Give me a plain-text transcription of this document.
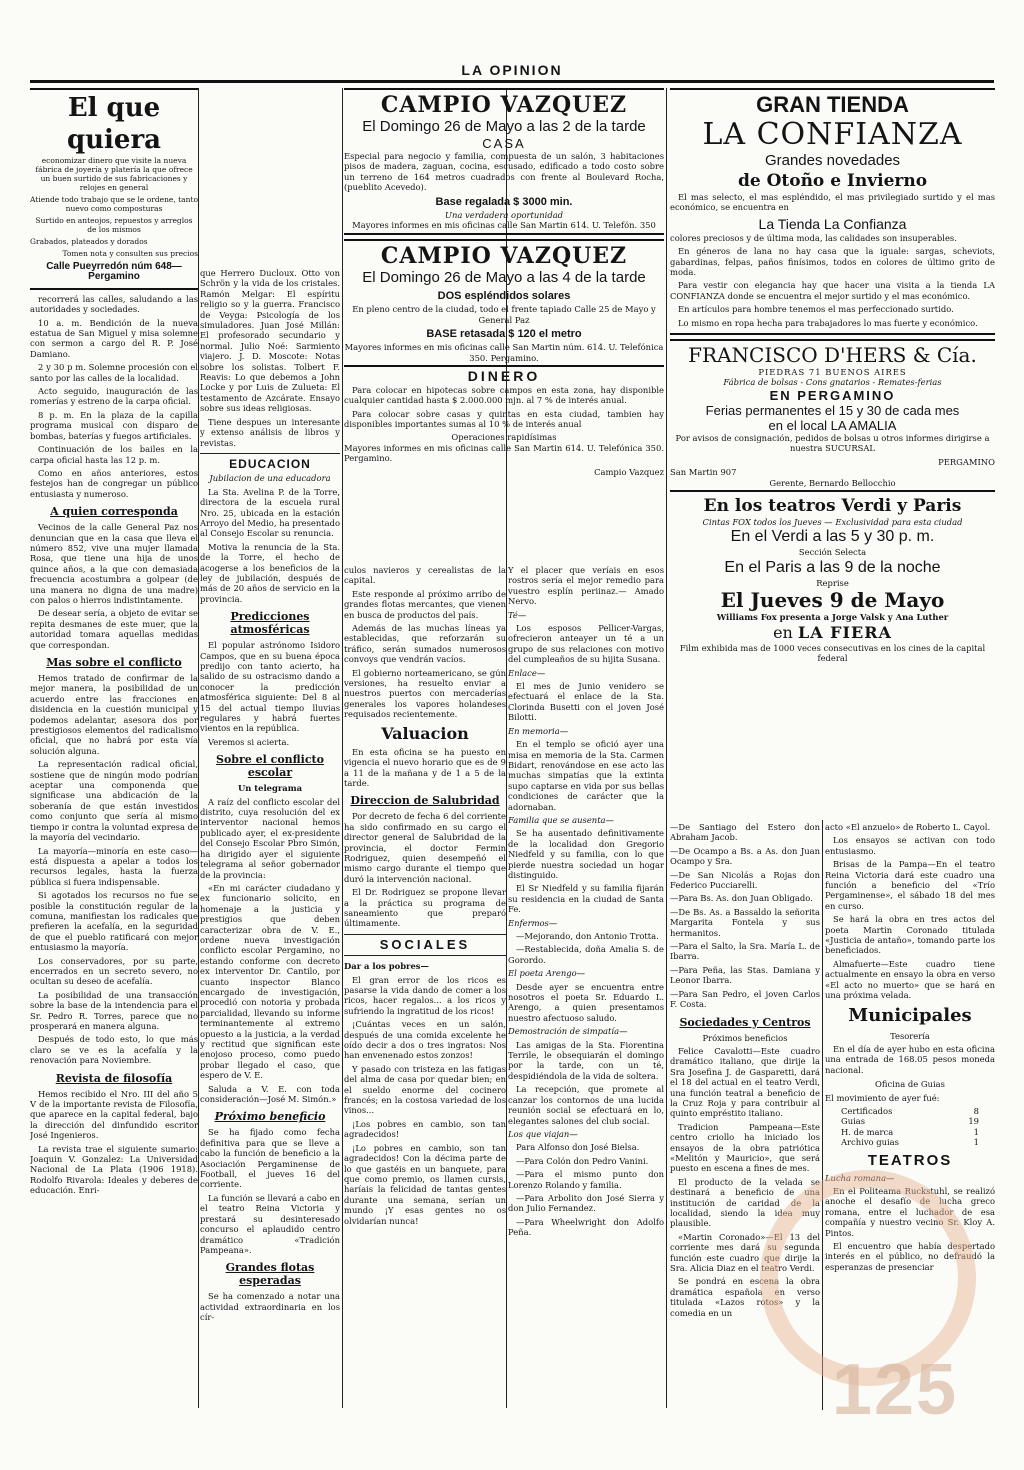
LA OPINION
El que quiera
economizar dinero que visite la nueva fábrica de joyería y platería la que ofrece un buen surtido de sus fabricaciones y relojes en general
Atiende todo trabajo que se le ordene, tanto nuevo como composturas
Surtido en anteojos, repuestos y arreglos de los mismos
Grabados, plateados y dorados
Tomen nota y consulten sus precios
Calle Pueyrredón núm 648—Pergamino

recorrerá las calles, saludando a las autoridades y sociedades.

10 a. m. Bendición de la nueva estatua de San Miguel y misa solemne con sermon a cargo del R. P. José Damiano.

2 y 30 p m. Solemne procesión con el santo por las calles de la localidad.

Acto seguido, inauguración de las romerías y estreno de la carpa oficial.

8 p. m. En la plaza de la capilla programa musical con disparo de bombas, baterías y fuegos artificiales.

Continuación de los bailes en la carpa oficial hasta las 12 p. m.

Como en años anteriores, estos festejos han de congregar un público entusiasta y numeroso.

A quien corresponda

Vecinos de la calle General Paz nos denuncian que en la casa que lleva el número 852, vive una mujer llamada Rosa, que tiene una hija de unos quince años, a la que con demasiada frecuencia acostumbra a golpear (de una manera no digna de una madre) con palos o hierros indistintamente.

De desear sería, a objeto de evitar se repita desmanes de este muer, que la autoridad tomara aquellas medidas que correspondan.

Mas sobre el conflicto

Hemos tratado de confirmar de la mejor manera, la posibilidad de un acuerdo entre las fracciones en disidencia en la cuestión municipal y podemos adelantar, asesora dos por prestigiosos elementos del radicalismo oficial, que no habrá por esta vía solución alguna.

La representación radical oficial, sostiene que de ningún modo podrían aceptar una componenda que significase una abdicación de la soberanía de que están investidos como conjunto que sería al mismo tiempo ir contra la voluntad expresa de la mayoría del vecindario.

La mayoría—minoría en este caso—está dispuesta a apelar a todos los recursos legales, hasta la fuerza pública si fuera indispensable.

Si agotados los recursos no fue se posible la constitución regular de la comuna, manifiestan los radicales que prefieren la acefalía, en la seguridad de que el pueblo ratificará con mejor entusiasmo la mayoría.

Los conservadores, por su parte, encerrados en un secreto severo, no ocultan su deseo de acefalía.

La posibilidad de una transacción sobre la base de la intendencia para el Sr. Pedro R. Torres, parece que no prosperará en manera alguna.

Después de todo esto, lo que más claro se ve es la acefalía y la renovación para Noviembre.

Revista de filosofía

Hemos recibido el Nro. III del año 5 V de la importante revista de Filosofía, que aparece en la capital federal, bajo la dirección del dinfundido escritor José Ingenieros.

La revista trae el siguiente sumario: Joaquin V. Gonzalez: La Universidad Nacional de La Plata (1906 1918). Rodolfo Rivarola: Ideales y deberes de educación. Enri-

que Herrero Ducloux. Otto von Schrön y la vida de los cristales. Ramón Melgar: El espíritu religio so y la guerra. Francisco de Veyga: Psicología de los simuladores. Juan José Millán: El profesorado secundario y normal. Julio Noé: Sarmiento viajero. J. D. Moscote: Notas sobre los solistas. Tolbert F. Reavis: Lo que debemos a John Locke y por Luis de Zulueta: El testamento de Azcárate. Ensayo sobre sus ideas religiosas.

Tiene despues un interesante y extenso análisis de libros y revistas.

EDUCACION
Jubilacion de una educadora

La Sta. Avelina P. de la Torre, directora de la escuela rural Nro. 25, ubicada en la estación Arroyo del Medio, ha presentado al Consejo Escolar su renuncia.

Motiva la renuncia de la Sta. de la Torre, el hecho de acogerse a los beneficios de la ley de jubilación, después de más de 20 años de servicio en la provincia.

Predicciones atmosféricas

El popular astrónomo Isidoro Campos, que en su buena época predijo con tanto acierto, ha salido de su ostracismo dando a conocer la predicción atmosférica siguiente: Del 8 al 15 del actual tiempo lluvias regulares y habrá fuertes vientos en la república.

Veremos si acierta.

Sobre el conflicto escolar
Un telegrama

A raíz del conflicto escolar del distrito, cuya resolución del ex interventor nacional hemos publicado ayer, el ex-presidente del Consejo Escolar Pbro Simón, ha dirigido ayer el siguiente telegrama al señor gobernador de la provincia:

«En mi carácter ciudadano y ex funcionario solicito, en homenaje a la justicia y prestigios que deben caracterizar obra de V. E., ordene nueva investigación conflicto escolar Pergamino, no estando conforme con decreto ex interventor Dr. Cantilo, por cuanto inspector Blanco encargado de investigación, procedió con notoria y probada parcialidad, llevando su informe terminantemente al extremo opuesto a la justicia, a la verdad y rectitud que significan este enojoso proceso, como puedo probar llegado el caso, que espero de V. E.

Saluda a V. E. con toda consideración—José M. Simón.»

Próximo beneficio

Se ha fijado como fecha definitiva para que se lleve a cabo la función de beneficio a la Asociación Pergaminense de Football, el jueves 16 del corriente.

La función se llevará a cabo en el teatro Reina Victoria y prestará su desinteresado concurso el aplaudido centro dramático «Tradición Pampeana».

Grandes flotas esperadas

Se ha comenzado a notar una actividad extraordinaria en los cír-

CAMPIO VAZQUEZ
El Domingo 26 de Mayo a las 2 de la tarde
CASA

Especial para negocio y familia, compuesta de un salón, 3 habitaciones pisos de madera, zaguan, cocina, escusado, edificado a todo costo sobre un terreno de 164 metros cuadrados con frente al Boulevard Rocha, (pueblito Acevedo).

Base regalada $ 3000 min.
Una verdadera oportunidad
Mayores informes en mis oficinas calle San Martin 614. U. Telefón. 350
CAMPIO VAZQUEZ
El Domingo 26 de Mayo a las 4 de la tarde
DOS espléndidos solares

En pleno centro de la ciudad, todo el frente tapiado Calle 25 de Mayo y General Paz

BASE retasada $ 120 el metro
Mayores informes en mis oficinas calle San Martin núm. 614. U. Telefónica 350. Pergamino.
DINERO

Para colocar en hipotecas sobre campos en esta zona, hay disponible cualquier cantidad hasta $ 2.000.000 mjn. al 7 % de interés anual.

Para colocar sobre casas y quintas en esta ciudad, tambien hay disponibles importantes sumas al 10 % de interés anual

Operaciones rapidísimas

Mayores informes en mis oficinas calle San Martin 614. U. Telefónica 350. Pergamino.

Campio Vazquez

culos navieros y cerealistas de la capital.

Este responde al próximo arribo de grandes flotas mercantes, que vienen en busca de productos del país.

Además de las muchas líneas ya establecidas, que reforzarán su tráfico, serán sumados numerosos convoys que vendrán vacíos.

El gobierno norteamericano, se gún versiones, ha resuelto enviar a nuestros puertos con mercaderías generales los vapores holandeses requisados recientemente.

Valuacion

En esta oficina se ha puesto en vigencia el nuevo horario que es de 9 a 11 de la mañana y de 1 a 5 de la tarde.

Direccion de Salubridad

Por decreto de fecha 6 del corriente ha sido confirmado en su cargo el director general de Salubridad de la provincia, el doctor Fermin Rodriguez, quien desempeñó el mismo cargo durante el tiempo que duró la intervención nacional.

El Dr. Rodriguez se propone llevar a la práctica su programa de saneamiento que preparó últimamente.

SOCIALES
Dar a los pobres—

El gran error de los ricos es pasarse la vida dando de comer a los ricos, hacer regalos... a los ricos y sufriendo la ingratitud de los ricos!

¡Cuántas veces en un salón, después de una comida excelente he oído decir a dos o tres ingratos: Nos han envenenado estos zonzos!

Y pasado con tristeza en las fatigas del alma de casa por quedar bien; en el sueldo enorme del cocinero francés; en la costosa variedad de los vinos...

¡Los pobres en cambio, son tan agradecidos!

¡Lo pobres en cambio, son tan agradecidos! Con la décima parte de lo que gastéis en un banquete, para que como premio, os llamen cursis, haríais la felicidad de tantas gentes durante una semana, serían un mundo ¡Y esas gentes no os olvidarían nunca!

Y el placer que veríais en esos rostros sería el mejor remedio para vuestro esplín periinaz.— Amado Nervo.

Té—

Los esposos Pellicer-Vargas, ofrecieron anteayer un té a un grupo de sus relaciones con motivo del cumpleaños de su hijita Susana.

Enlace—

El mes de Junio venidero se efectuará el enlace de la Sta. Clorinda Busetti con el joven José Bilotti.

En memoria—

En el templo se ofició ayer una misa en memoria de la Sta. Carmen Bidart, renovándose en ese acto las muchas simpatías que la extinta supo captarse en vida por sus bellas condiciones de carácter que la adornaban.

Familia que se ausenta—

Se ha ausentado definitivamente de la localidad don Gregorio Niedfeld y su familia, con lo que pierde nuestra sociedad un hogar distinguido.

El Sr Niedfeld y su familia fijarán su residencia en la ciudad de Santa Fe.

Enfermos—

—Mejorando, don Antonio Trotta.

—Restablecida, doña Amalia S. de Gorordo.

El poeta Arengo—

Desde ayer se encuentra entre nosotros el poeta Sr. Eduardo L. Arengo, a quien presentamos nuestro afectuoso saludo.

Demostración de simpatía—

Las amigas de la Sta. Fiorentina Terrile, le obsequiarán el domingo por la tarde, con un té, despidiéndola de la vida de soltera.

La recepción, que promete al canzar los contornos de una lucida reunión social se efectuará en lo, elegantes salones del club social.

Los que viajan—

Para Alfonso don José Bielsa.

—Para Colón don Pedro Vanini.

—Para el mismo punto don Lorenzo Rolando y familia.

—Para Arbolito don José Sierra y don Julio Fernandez.

—Para Wheelwright don Adolfo Peña.

GRAN TIENDA
LA CONFIANZA
Grandes novedades
de Otoño e Invierno

El mas selecto, el mas espléndido, el mas privilegiado surtido y el mas económico, se encuentra en

La Tienda La Confianza

colores preciosos y de última moda, las calidades son insuperables.

En géneros de lana no hay casa que la iguale: sargas, scheviots, gabardinas, felpas, paños finísimos, todos en colores de último grito de moda.

Para vestir con elegancia hay que hacer una visita a la tienda LA CONFIANZA donde se encuentra el mejor surtido y el mas económico.

En artículos para hombre tenemos el mas perfeccionado surtido.

Lo mismo en ropa hecha para trabajadores lo mas fuerte y económico.

FRANCISCO D'HERS & Cía.
PIEDRAS 71 BUENOS AIRES
Fábrica de bolsas - Cons gnatarios - Remates-ferias
EN PERGAMINO
Ferias permanentes el 15 y 30 de cada mes
en el local LA AMALIA

Por avisos de consignación, pedidos de bolsas u otros informes dirigirse a nuestra SUCURSAL

PERGAMINO
San Martin 907
Gerente, Bernardo Bellocchio
En los teatros Verdi y Paris
Cintas FOX todos los Jueves — Exclusividad para esta ciudad
En el Verdi a las 5 y 30 p. m.
Sección Selecta
En el Paris a las 9 de la noche
Reprise
El Jueves 9 de Mayo
Williams Fox presenta a Jorge Valsk y Ana Luther
en LA FIERA
Film exhibida mas de 1000 veces consecutivas en los cines de la capital federal

—De Santiago del Estero don Abraham Jacob.

—De Ocampo a Bs. a As. don Juan Ocampo y Sra.

—De San Nicolás a Rojas don Federico Pucciarelli.

—Para Bs. As. don Juan Obligado.

—De Bs. As. a Bassaldo la señorita Margarita Fontela y sus hermanitos.

—Para el Salto, la Sra. María L. de Ibarra.

—Para Peña, las Stas. Damiana y Leonor Ibarra.

—Para San Pedro, el joven Carlos F. Costa.

Sociedades y Centros
Próximos beneficios

Felice Cavalotti—Este cuadro dramático italiano, que dirije la Sra Josefina J. de Gasparetti, dará el 18 del actual en el teatro Verdi, una función teatral a beneficio de la Cruz Roja y para contribuir al quinto empréstito italiano.

Tradicion Pampeana—Este centro criollo ha iniciado los ensayos de la obra patriótica «Melitón y Mauricio», que será puesto en escena a fines de mes.

El producto de la velada se destinará a beneficio de una institución de caridad de la localidad, siendo la idea muy plausible.

«Martin Coronado»—El 13 del corriente mes dará su segunda función este cuadro que dirije la Sra. Alicia Diaz en el teatro Verdi.

Se pondrá en escena la obra dramática española en verso titulada «Lazos rotos» y la comedia en un

acto «El anzuelo» de Roberto L. Cayol.

Los ensayos se activan con todo entusiasmo.

Brisas de la Pampa—En el teatro Reina Victoria dará este cuadro una función a beneficio del «Trío Pergaminense», el sábado 18 del mes en curso.

Se hará la obra en tres actos del poeta Martin Coronado titulada «Justicia de antaño», tomando parte los beneficiados.

Almafuerte—Este cuadro tiene actualmente en ensayo la obra en verso «El acto no muerto» que se hará en una próxima velada.

Municipales
Tesorería

En el día de ayer hubo en esta oficina una entrada de 168.05 pesos moneda nacional.

Oficina de Guias
El movimiento de ayer fué:
Certificados	8
Guias	19
H. de marca	1
Archivo guias	1
TEATROS
Lucha romana—

En el Politeama Ruckstuhl, se realizó anoche el desafío de lucha greco romana, entre el luchador de esa compañía y nuestro vecino Sr. Kloy A. Pintos.

El encuentro que había despertado interés en el público, no defraudó la esperanzas de presenciar

125
